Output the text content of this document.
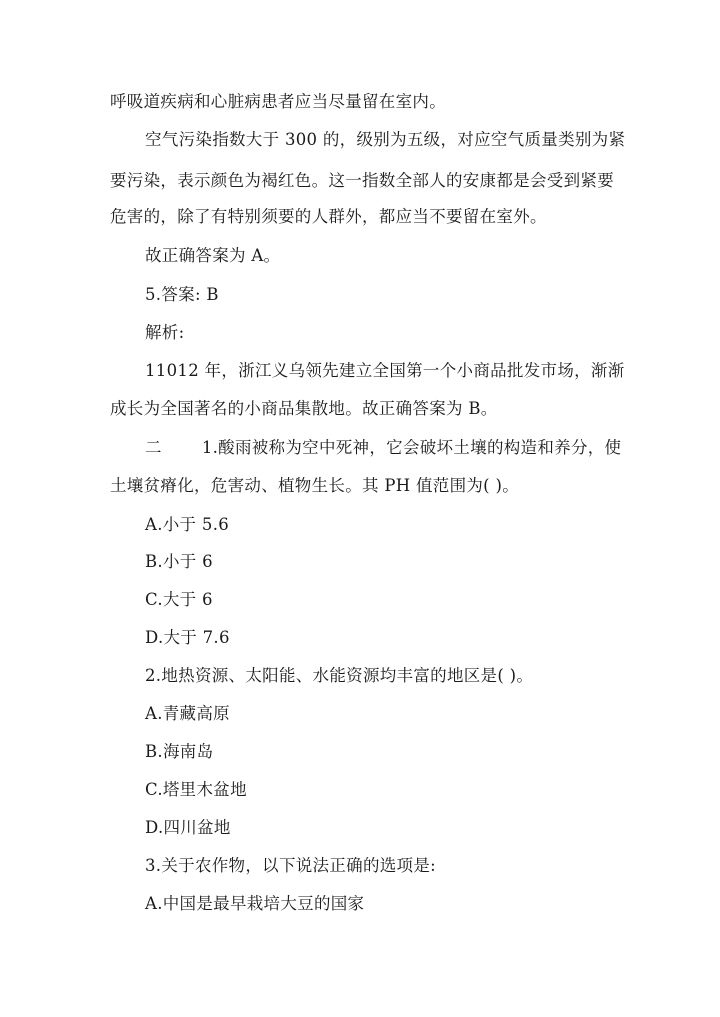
呼吸道疾病和心脏病患者应当尽量留在室内。
空气污染指数大于 300 的，级别为五级，对应空气质量类别为紧
要污染，表示颜色为褐红色。这一指数全部人的安康都是会受到紧要
危害的，除了有特别须要的人群外，都应当不要留在室外。
故正确答案为 A。
5.答案: B
解析:
11012 年，浙江义乌领先建立全国第一个小商品批发市场，渐渐
成长为全国著名的小商品集散地。故正确答案为 B。
二 1.酸雨被称为空中死神，它会破坏土壤的构造和养分，使
土壤贫瘠化，危害动、植物生长。其 PH 值范围为( )。
A.小于 5.6
B.小于 6
C.大于 6
D.大于 7.6
2.地热资源、太阳能、水能资源均丰富的地区是( )。
A.青藏高原
B.海南岛
C.塔里木盆地
D.四川盆地
3.关于农作物，以下说法正确的选项是:
A.中国是最早栽培大豆的国家
